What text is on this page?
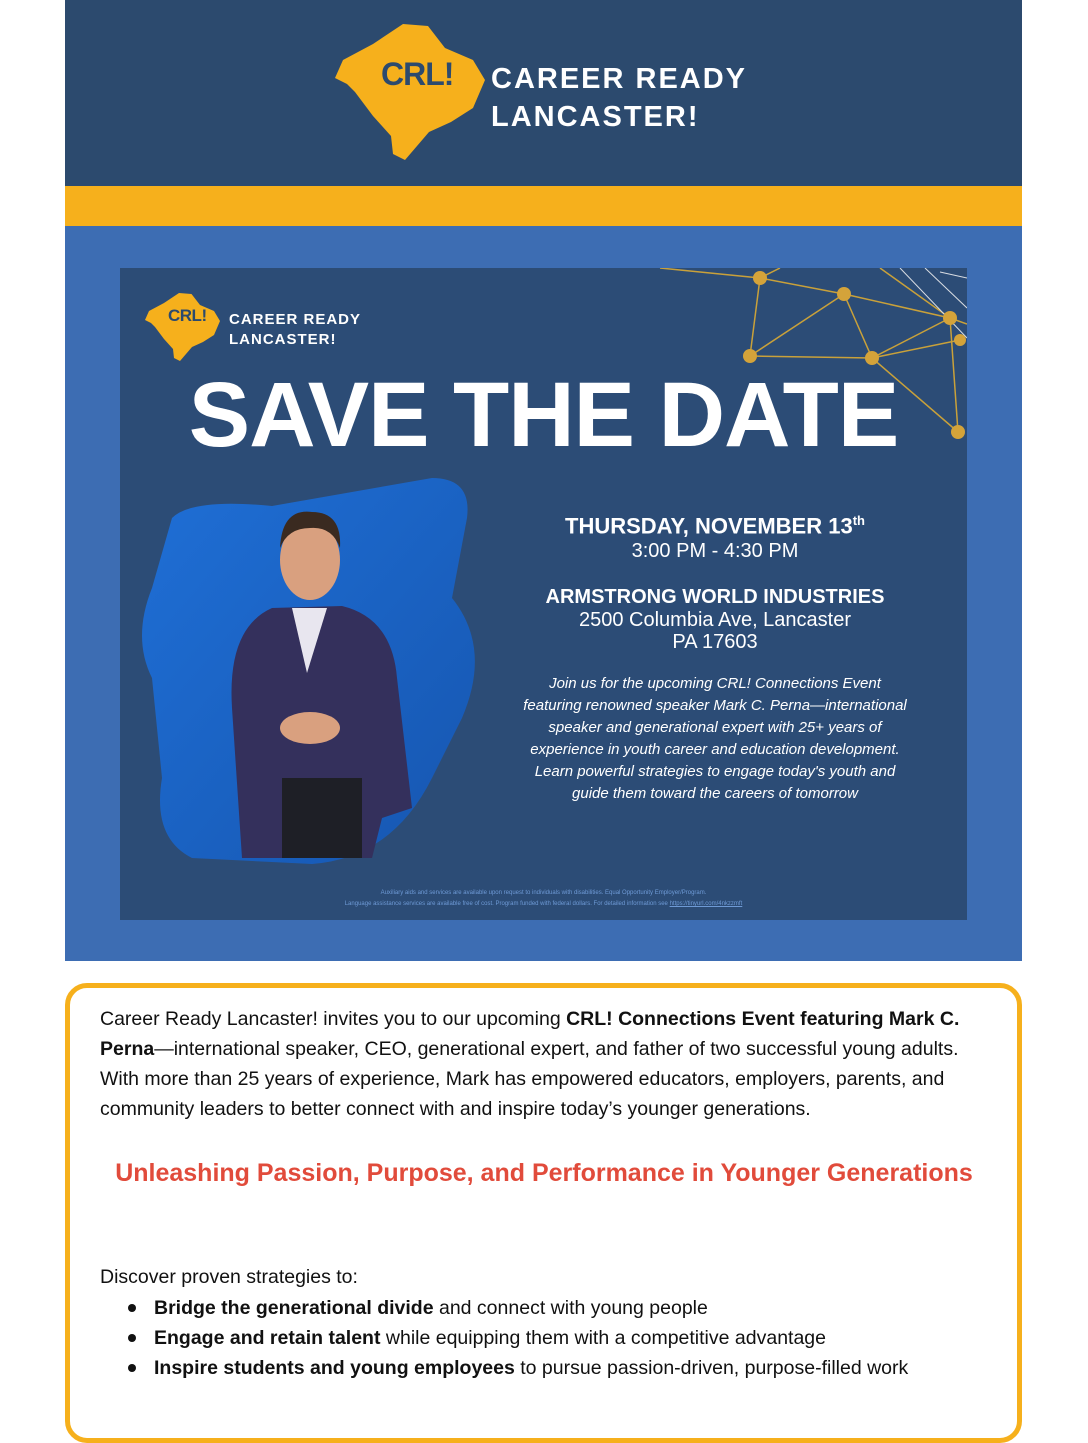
CRL! CAREER READY
LANCASTER!
CRL! CAREER READY
LANCASTER!
SAVE THE DATE
THURSDAY, NOVEMBER 13th
3:00 PM - 4:30 PM
ARMSTRONG WORLD INDUSTRIES
2500 Columbia Ave, Lancaster
PA 17603
Join us for the upcoming CRL! Connections Event featuring renowned speaker Mark C. Perna—international speaker and generational expert with 25+ years of experience in youth career and education development. Learn powerful strategies to engage today's youth and guide them toward the careers of tomorrow
Auxiliary aids and services are available upon request to individuals with disabilities. Equal Opportunity Employer/Program.
Language assistance services are available free of cost. Program funded with federal dollars. For detailed information see https://tinyurl.com/4nkzzmft
Career Ready Lancaster! invites you to our upcoming CRL! Connections Event featuring Mark C. Perna—international speaker, CEO, generational expert, and father of two successful young adults. With more than 25 years of experience, Mark has empowered educators, employers, parents, and community leaders to better connect with and inspire today’s younger generations.
Unleashing Passion, Purpose, and Performance in Younger Generations
Discover proven strategies to:
Bridge the generational divide and connect with young people
Engage and retain talent while equipping them with a competitive advantage
Inspire students and young employees to pursue passion-driven, purpose-filled work
